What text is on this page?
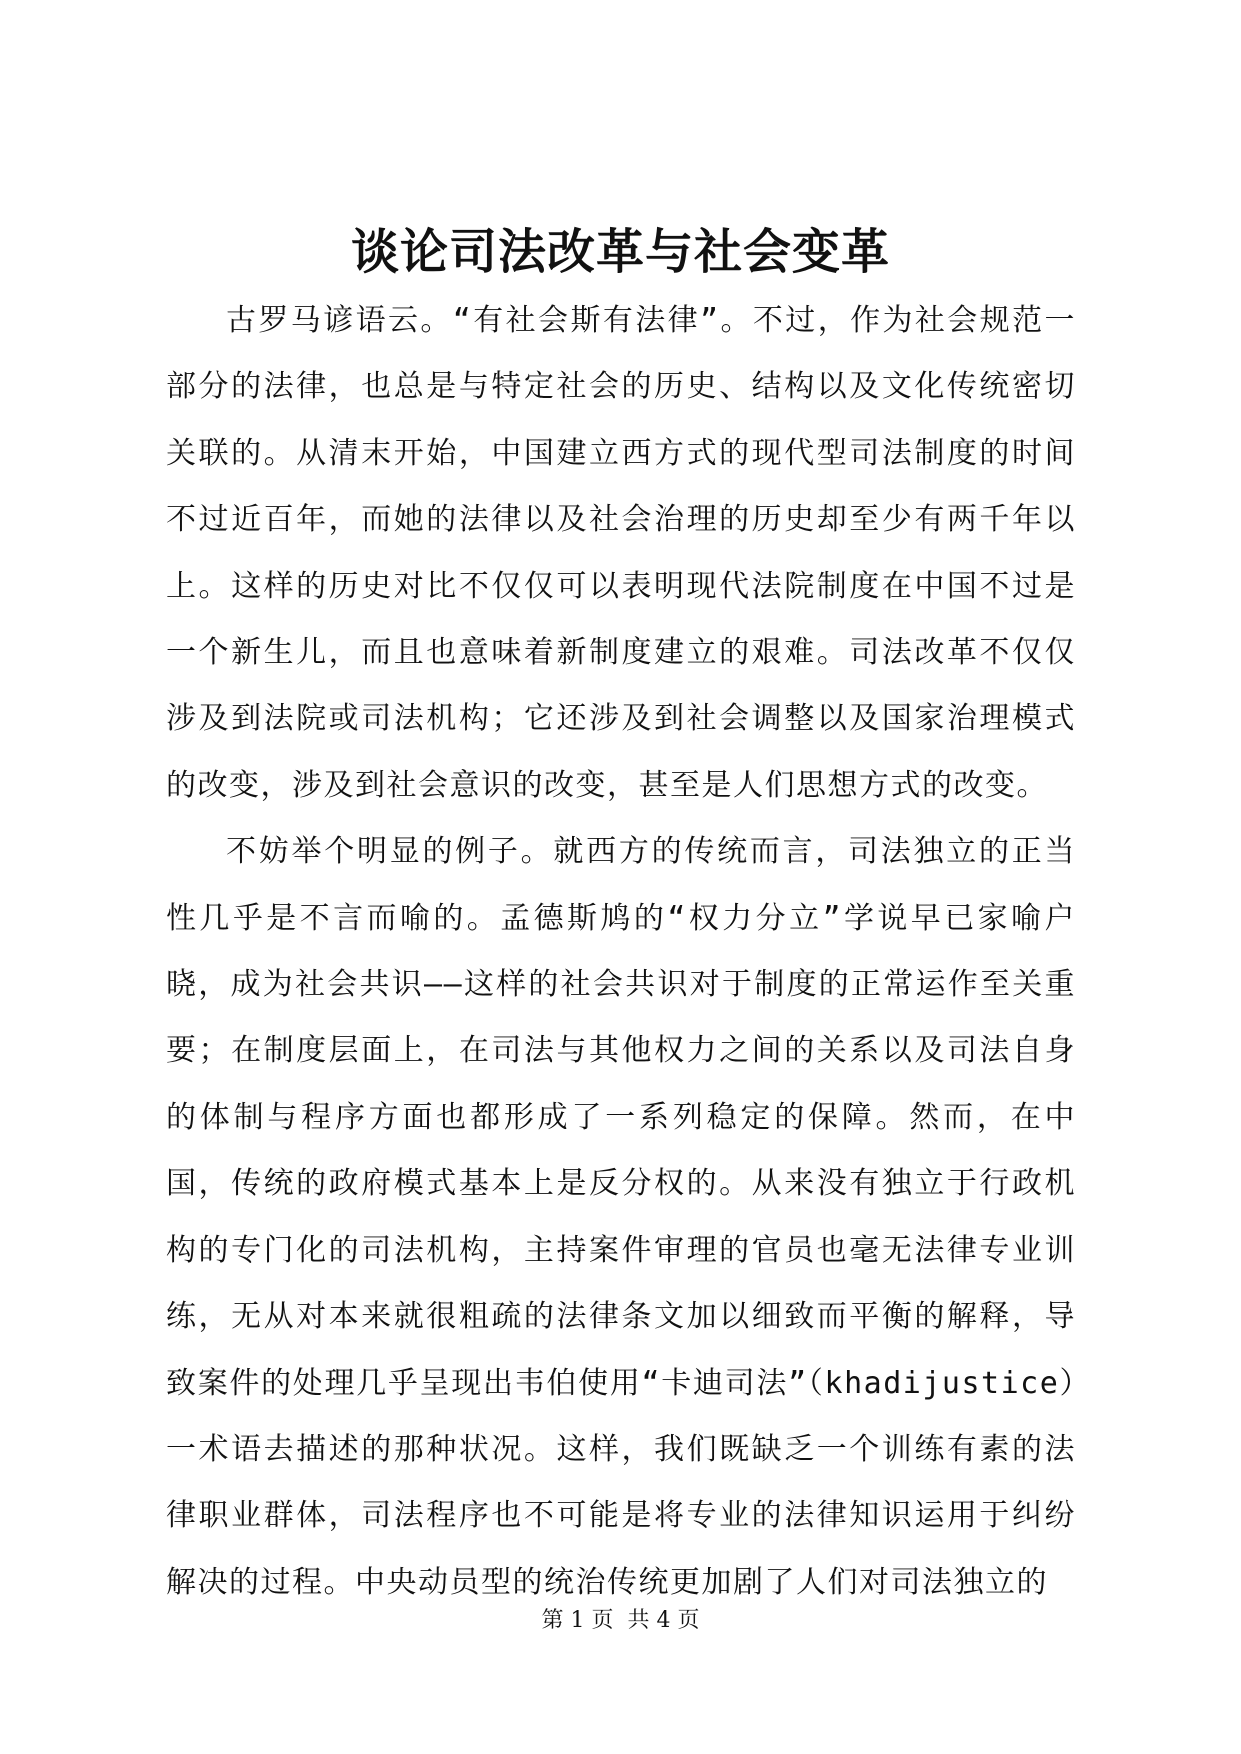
谈论司法改革与社会变革

古罗马谚语云。“有社会斯有法律”。不过，作为社会规范一部分的法律，也总是与特定社会的历史、结构以及文化传统密切关联的。从清末开始，中国建立西方式的现代型司法制度的时间不过近百年，而她的法律以及社会治理的历史却至少有两千年以上。这样的历史对比不仅仅可以表明现代法院制度在中国不过是一个新生儿，而且也意味着新制度建立的艰难。司法改革不仅仅涉及到法院或司法机构；它还涉及到社会调整以及国家治理模式的改变，涉及到社会意识的改变，甚至是人们思想方式的改变。

不妨举个明显的例子。就西方的传统而言，司法独立的正当性几乎是不言而喻的。孟德斯鸠的“权力分立”学说早已家喻户晓，成为社会共识——这样的社会共识对于制度的正常运作至关重要；在制度层面上，在司法与其他权力之间的关系以及司法自身的体制与程序方面也都形成了一系列稳定的保障。然而，在中国，传统的政府模式基本上是反分权的。从来没有独立于行政机构的专门化的司法机构，主持案件审理的官员也毫无法律专业训练，无从对本来就很粗疏的法律条文加以细致而平衡的解释，导致案件的处理几乎呈现出韦伯使用“卡迪司法”（khadijustice）一术语去描述的那种状况。这样，我们既缺乏一个训练有素的法律职业群体，司法程序也不可能是将专业的法律知识运用于纠纷解决的过程。中央动员型的统治传统更加剧了人们对司法独立的

第 1 页  共 4 页
